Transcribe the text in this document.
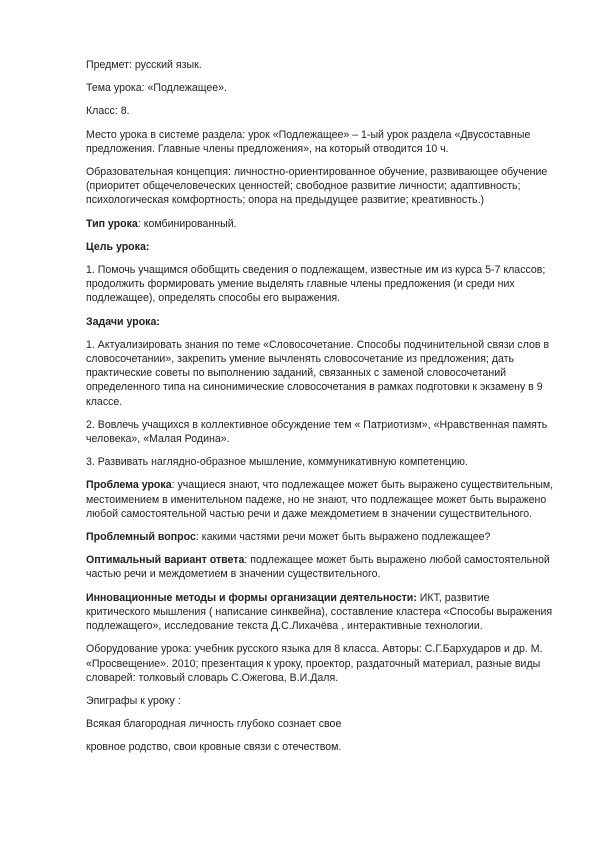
Предмет: русский язык.

Тема урока: «Подлежащее».

Класс: 8.

Место урока в системе раздела: урок «Подлежащее» – 1-ый урок раздела «Двусоставные предложения. Главные члены предложения», на который отводится 10 ч.

Образовательная концепция: личностно-ориентированное обучение, развивающее обучение (приоритет общечеловеческих ценностей; свободное развитие личности; адаптивность; психологическая комфортность; опора на предыдущее развитие; креативность.)

Тип урока: комбинированный.

Цель урока:

1. Помочь учащимся обобщить сведения о подлежащем, известные им из курса 5-7 классов; продолжить формировать умение выделять главные члены предложения (и среди них подлежащее), определять способы его выражения.

Задачи урока:

1. Актуализировать знания по теме «Словосочетание. Способы подчинительной связи слов в словосочетании», закрепить умение вычленять словосочетание из предложения; дать практические советы по выполнению заданий, связанных с заменой словосочетаний определенного типа на синонимические словосочетания в рамках подготовки к экзамену в 9 классе.

2. Вовлечь учащихся в коллективное обсуждение тем « Патриотизм», «Нравственная память человека», «Малая Родина».

3. Развивать наглядно-образное мышление, коммуникативную компетенцию.

Проблема урока: учащиеся знают, что подлежащее может быть выражено существительным, местоимением в именительном падеже, но не знают, что подлежащее может быть выражено любой самостоятельной частью речи и даже междометием в значении существительного.

Проблемный вопрос: какими частями речи может быть выражено подлежащее?

Оптимальный вариант ответа: подлежащее может быть выражено любой самостоятельной частью речи и междометием в значении существительного.

Инновационные методы и формы организации деятельности: ИКТ, развитие критического мышления ( написание синквейна), составление кластера «Способы выражения подлежащего», исследование текста Д.С.Лихачёва , интерактивные технологии.

Оборудование урока: учебник русского языка для 8 класса. Авторы: С.Г.Бархударов и др. М. «Просвещение». 2010; презентация к уроку, проектор, раздаточный материал, разные виды словарей: толковый словарь С.Ожегова, В.И.Даля.

Эпиграфы к уроку :

Всякая благородная личность глубоко сознает свое

кровное родство, свои кровные связи с отечеством.
